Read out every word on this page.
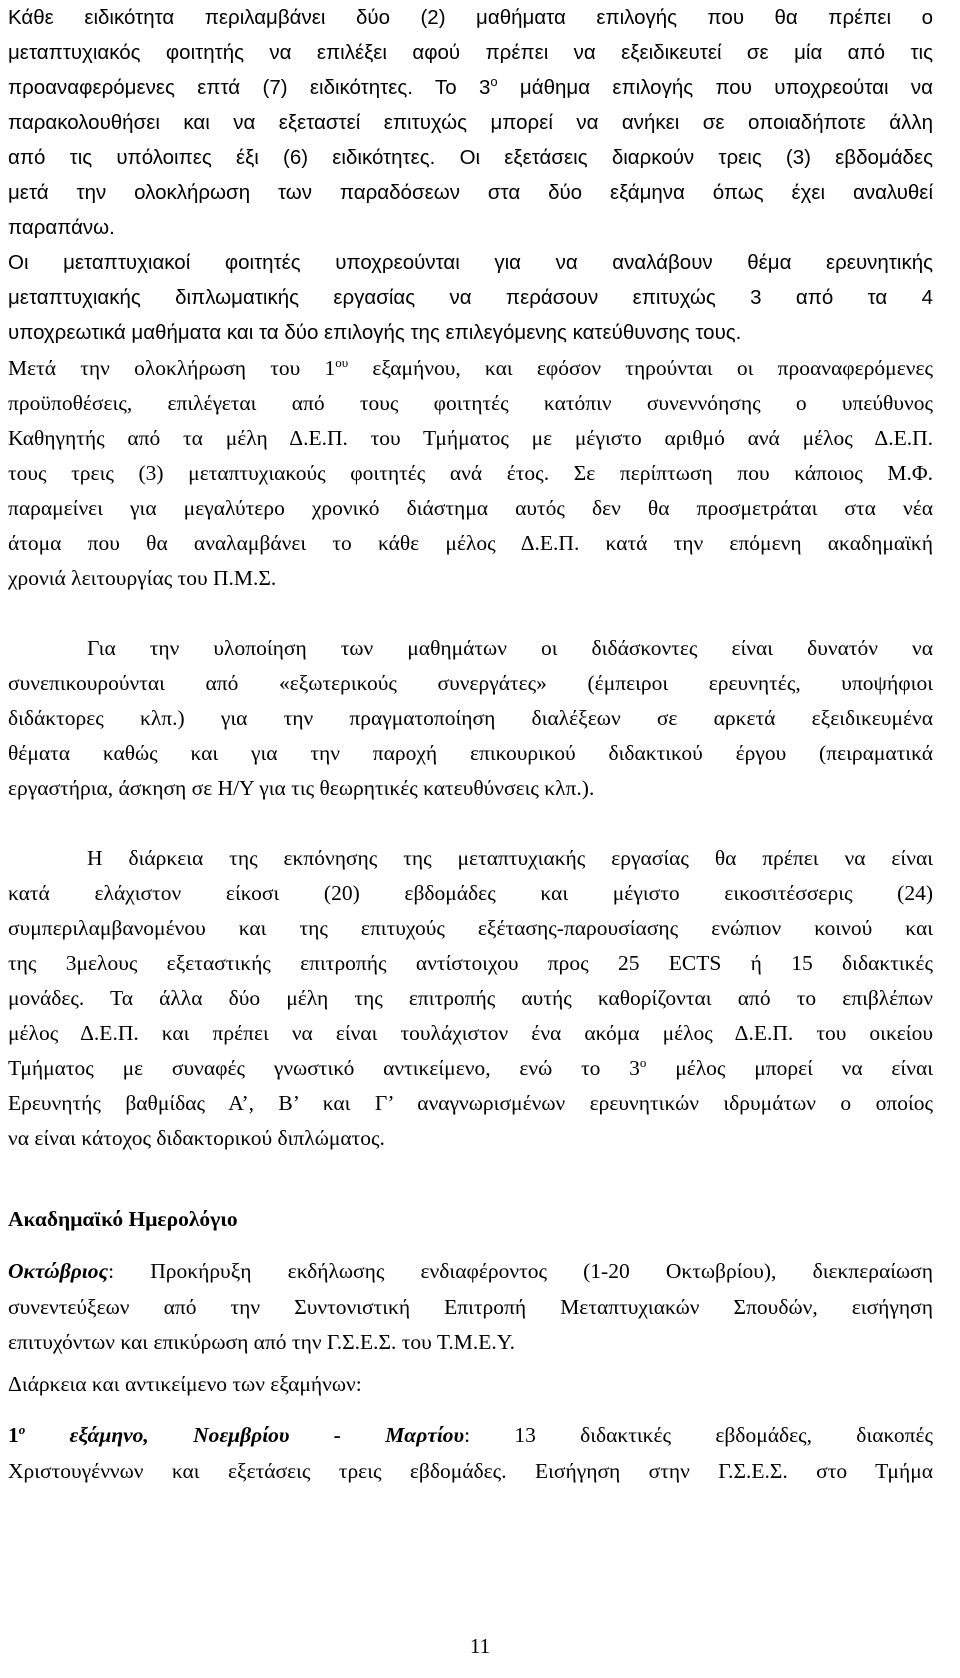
Κάθε ειδικότητα περιλαμβάνει δύο (2) μαθήματα επιλογής που θα πρέπει ο
μεταπτυχιακός φοιτητής να επιλέξει αφού πρέπει να εξειδικευτεί σε μία από τις
προαναφερόμενες επτά (7) ειδικότητες. Το $3^o$ μάθημα επιλογής που υποχρεούται να
παρακολουθήσει και να εξεταστεί επιτυχώς μπορεί να ανήκει σε οποιαδήποτε άλλη
από τις υπόλοιπες έξι (6) ειδικότητες. Οι εξετάσεις διαρκούν τρεις (3) εβδομάδες
μετά την ολοκλήρωση των παραδόσεων στα δύο εξάμηνα όπως έχει αναλυθεί
παραπάνω.
Οι μεταπτυχιακοί φοιτητές υποχρεούνται για να αναλάβουν θέμα ερευνητικής
μεταπτυχιακής διπλωματικής εργασίας να περάσουν επιτυχώς 3 από τα 4
υποχρεωτικά μαθήματα και τα δύο επιλογής της επιλεγόμενης κατεύθυνσης τους.
Μετά την ολοκλήρωση του $1^{o\upsilon}$ εξαμήνου, και εφόσον τηρούνται οι προαναφερόμενες
προϋποθέσεις, επιλέγεται από τους φοιτητές κατόπιν συνεννόησης ο υπεύθυνος
Καθηγητής από τα μέλη Δ.Ε.Π. του Τμήματος με μέγιστο αριθμό ανά μέλος Δ.Ε.Π.
τους τρεις (3) μεταπτυχιακούς φοιτητές ανά έτος. Σε περίπτωση που κάποιος Μ.Φ.
παραμείνει για μεγαλύτερο χρονικό διάστημα αυτός δεν θα προσμετράται στα νέα
άτομα που θα αναλαμβάνει το κάθε μέλος Δ.Ε.Π. κατά την επόμενη ακαδημαϊκή
χρονιά λειτουργίας του Π.Μ.Σ.
Για την υλοποίηση των μαθημάτων οι διδάσκοντες είναι δυνατόν να
συνεπικουρούνται από «εξωτερικούς συνεργάτες» (έμπειροι ερευνητές, υποψήφιοι
διδάκτορες κλπ.) για την πραγματοποίηση διαλέξεων σε αρκετά εξειδικευμένα
θέματα καθώς και για την παροχή επικουρικού διδακτικού έργου (πειραματικά
εργαστήρια, άσκηση σε Η/Υ για τις θεωρητικές κατευθύνσεις κλπ.).
Η διάρκεια της εκπόνησης της μεταπτυχιακής εργασίας θα πρέπει να είναι
κατά ελάχιστον είκοσι (20) εβδομάδες και μέγιστο εικοσιτέσσερις (24)
συμπεριλαμβανομένου και της επιτυχούς εξέτασης-παρουσίασης ενώπιον κοινού και
της 3μελους εξεταστικής επιτροπής αντίστοιχου προς 25 ECTS ή 15 διδακτικές
μονάδες. Τα άλλα δύο μέλη της επιτροπής αυτής καθορίζονται από το επιβλέπων
μέλος Δ.Ε.Π. και πρέπει να είναι τουλάχιστον ένα ακόμα μέλος Δ.Ε.Π. του οικείου
Τμήματος με συναφές γνωστικό αντικείμενο, ενώ το $3^o$ μέλος μπορεί να είναι
Ερευνητής βαθμίδας Α’, Β’ και Γ’ αναγνωρισμένων ερευνητικών ιδρυμάτων ο οποίος
να είναι κάτοχος διδακτορικού διπλώματος.
Ακαδημαϊκό Ημερολόγιο
Οκτώβριος: Προκήρυξη εκδήλωσης ενδιαφέροντος (1-20 Οκτωβρίου), διεκπεραίωση
συνεντεύξεων από την Συντονιστική Επιτροπή Μεταπτυχιακών Σπουδών, εισήγηση
επιτυχόντων και επικύρωση από την Γ.Σ.Ε.Σ. του Τ.Μ.Ε.Υ.
Διάρκεια και αντικείμενο των εξαμήνων:
$1^o$ εξάμηνο, Νοεμβρίου - Μαρτίου: 13 διδακτικές εβδομάδες, διακοπές
Χριστουγέννων και εξετάσεις τρεις εβδομάδες. Εισήγηση στην Γ.Σ.Ε.Σ. στο Τμήμα
11
